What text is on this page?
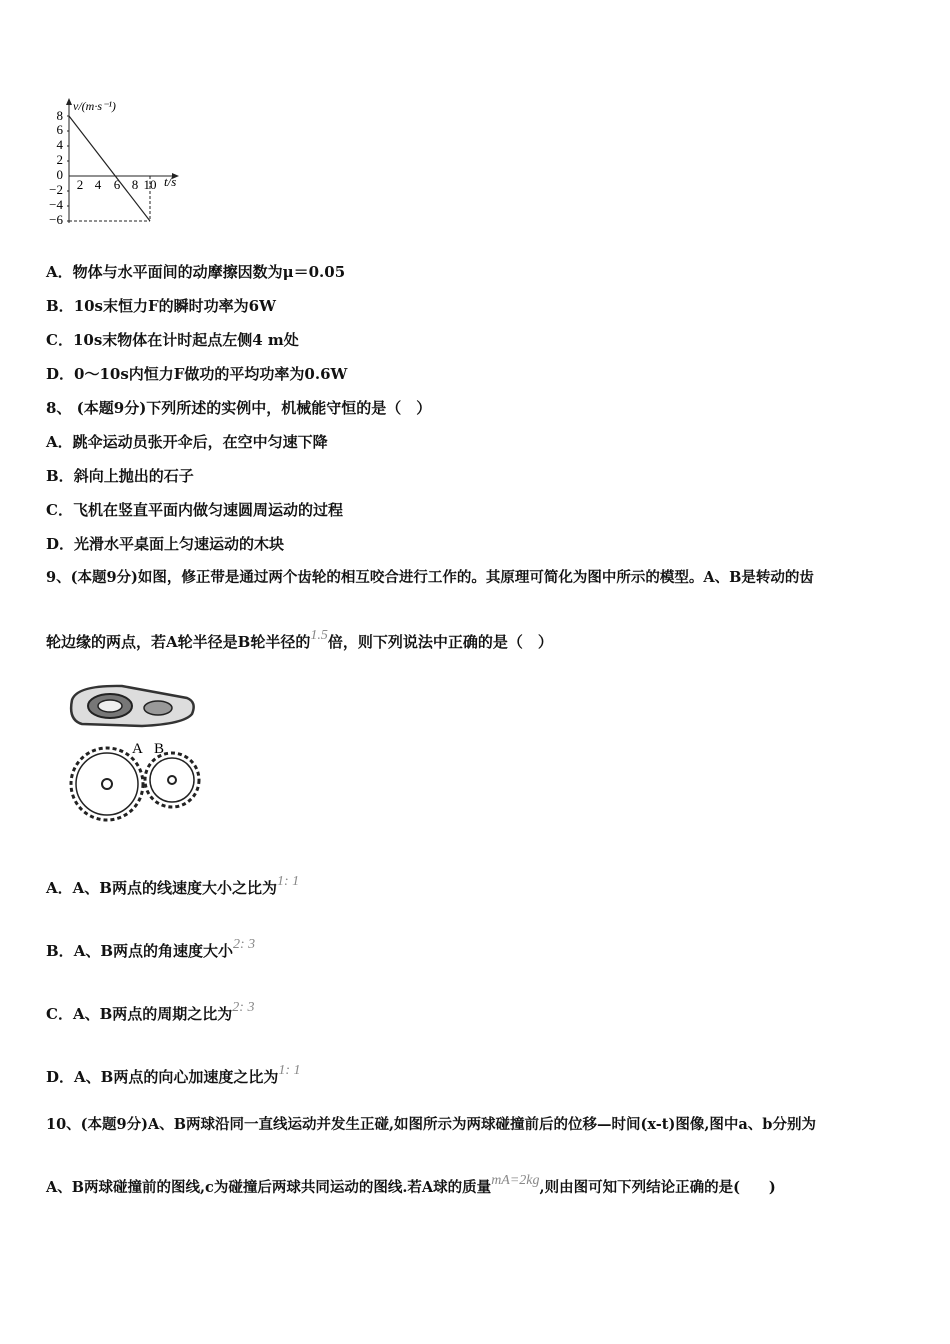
8
6
4
2
0
−2
−4
−6
2 4 6 8 10
v/(m·s⁻¹)
t/s
A．物体与水平面间的动摩擦因数为μ＝0.05
B．10s末恒力F的瞬时功率为6W
C．10s末物体在计时起点左侧4 m处
D．0～10s内恒力F做功的平均功率为0.6W
8、 (本题9分)下列所述的实例中，机械能守恒的是（　）
A．跳伞运动员张开伞后，在空中匀速下降
B．斜向上抛出的石子
C．飞机在竖直平面内做匀速圆周运动的过程
D．光滑水平桌面上匀速运动的木块
9、(本题9分)如图，修正带是通过两个齿轮的相互咬合进行工作的。其原理可简化为图中所示的模型。A、B是转动的齿
轮边缘的两点，若A轮半径是B轮半径的1.5倍，则下列说法中正确的是（　）
A B
A．A、B两点的线速度大小之比为1: 1
B．A、B两点的角速度大小2: 3
C．A、B两点的周期之比为2: 3
D．A、B两点的向心加速度之比为1: 1
10、(本题9分)A、B两球沿同一直线运动并发生正碰,如图所示为两球碰撞前后的位移—时间(x-t)图像,图中a、b分别为
A、B两球碰撞前的图线,c为碰撞后两球共同运动的图线.若A球的质量mA=2kg,则由图可知下列结论正确的是(　　)
